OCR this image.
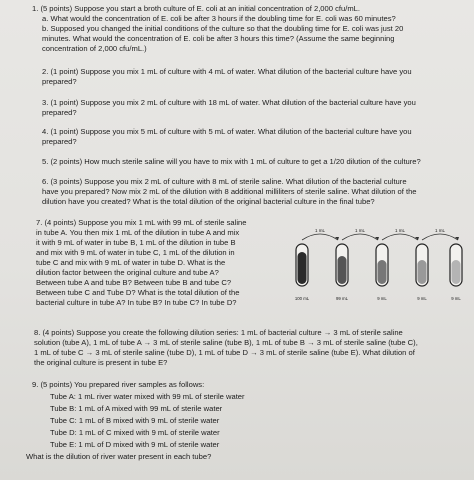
1. (5 points) Suppose you start a broth culture of E. coli at an initial concentration of 2,000 cfu/mL.
a. What would the concentration of E. coli be after 3 hours if the doubling time for E. coli was 60 minutes?
b. Supposed you changed the initial conditions of the culture so that the doubling time for E. coli was just 20
minutes. What would the concentration of E. coli be after 3 hours this time? (Assume the same beginning
concentration of 2,000 cfu/mL.)
2. (1 point) Suppose you mix 1 mL of culture with 4 mL of water. What dilution of the bacterial culture have you
prepared?
3. (1 point) Suppose you mix 2 mL of culture with 18 mL of water. What dilution of the bacterial culture have you
prepared?
4. (1 point) Suppose you mix 5 mL of culture with 5 mL of water. What dilution of the bacterial culture have you
prepared?
5. (2 points) How much sterile saline will you have to mix with 1 mL of culture to get a 1/20 dilution of the culture?
6. (3 points) Suppose you mix 2 mL of culture with 8 mL of sterile saline. What dilution of the bacterial culture
have you prepared? Now mix 2 mL of the dilution with 8 additional milliliters of sterile saline. What dilution of the
dilution have you created? What is the total dilution of the original bacterial culture in the final tube?
7. (4 points) Suppose you mix 1 mL with 99 mL of sterile saline
in tube A. You then mix 1 mL of the dilution in tube A and mix
it with 9 mL of water in tube B, 1 mL of the dilution in tube B
and mix with 9 mL of water in tube C, 1 mL of the dilution in
tube C and mix with 9 mL of water in tube D. What is the
dilution factor between the original culture and tube A?
Between tube A and tube B? Between tube B and tube C?
Between tube C and Tube D? What is the total dilution of the
bacterial culture in tube A? In tube B? In tube C? In tube D?
1 mL	1 mL	1 mL	1 mL
100 mL	99 mL	9 mL	9 mL	9 mL
8. (4 points) Suppose you create the following dilution series: 1 mL of bacterial culture → 3 mL of sterile saline
solution (tube A), 1 mL of tube A → 3 mL of sterile saline (tube B), 1 mL of tube B → 3 mL of sterile saline (tube C),
1 mL of tube C → 3 mL of sterile saline (tube D), 1 mL of tube D → 3 mL of sterile saline (tube E). What dilution of
the original culture is present in tube E?
9. (5 points) You prepared river samples as follows:
Tube A: 1 mL river water mixed with 99 mL of sterile water
Tube B: 1 mL of A mixed with 99 mL of sterile water
Tube C: 1 mL of B mixed with 9 mL of sterile water
Tube D: 1 mL of C mixed with 9 mL of sterile water
Tube E: 1 mL of D mixed with 9 mL of sterile water
What is the dilution of river water present in each tube?
